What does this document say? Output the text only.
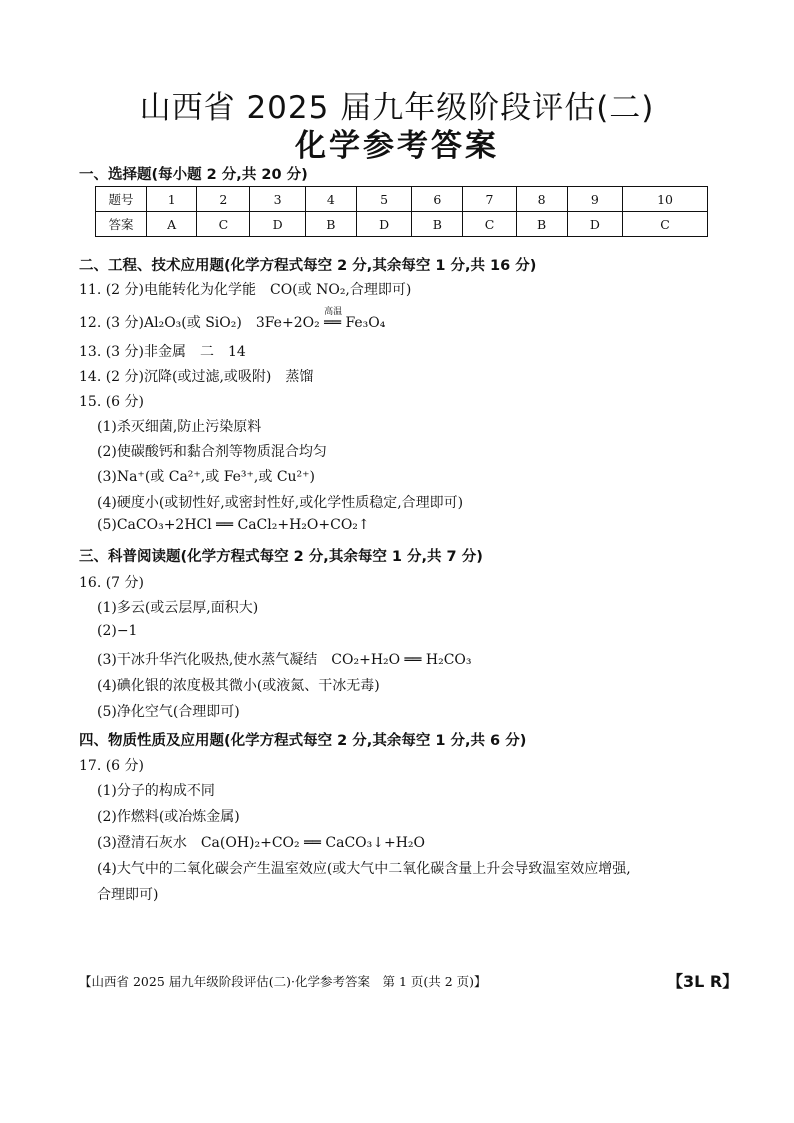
山西省 2025 届九年级阶段评估(二)
化学参考答案
一、选择题(每小题 2 分,共 20 分)
题号	1	2	3	4	5	6	7	8	9	10
答案	A	C	D	B	D	B	C	B	D	C
二、工程、技术应用题(化学方程式每空 2 分,其余每空 1 分,共 16 分)
11. (2 分)电能转化为化学能　CO(或 NO₂,合理即可)
12. (3 分)Al₂O₃(或 SiO₂)　3Fe+2O₂
高温
══ Fe₃O₄
13. (3 分)非金属　二　14
14. (2 分)沉降(或过滤,或吸附)　蒸馏
15. (6 分)
(1)杀灭细菌,防止污染原料
(2)使碳酸钙和黏合剂等物质混合均匀
(3)Na⁺(或 Ca²⁺,或 Fe³⁺,或 Cu²⁺)
(4)硬度小(或韧性好,或密封性好,或化学性质稳定,合理即可)
(5)CaCO₃+2HCl ══ CaCl₂+H₂O+CO₂↑
三、科普阅读题(化学方程式每空 2 分,其余每空 1 分,共 7 分)
16. (7 分)
(1)多云(或云层厚,面积大)
(2)−1
(3)干冰升华汽化吸热,使水蒸气凝结　CO₂+H₂O ══ H₂CO₃
(4)碘化银的浓度极其微小(或液氮、干冰无毒)
(5)净化空气(合理即可)
四、物质性质及应用题(化学方程式每空 2 分,其余每空 1 分,共 6 分)
17. (6 分)
(1)分子的构成不同
(2)作燃料(或冶炼金属)
(3)澄清石灰水　Ca(OH)₂+CO₂ ══ CaCO₃↓+H₂O
(4)大气中的二氧化碳会产生温室效应(或大气中二氧化碳含量上升会导致温室效应增强,
合理即可)
【山西省 2025 届九年级阶段评估(二)·化学参考答案　第 1 页(共 2 页)】	【3L R】
